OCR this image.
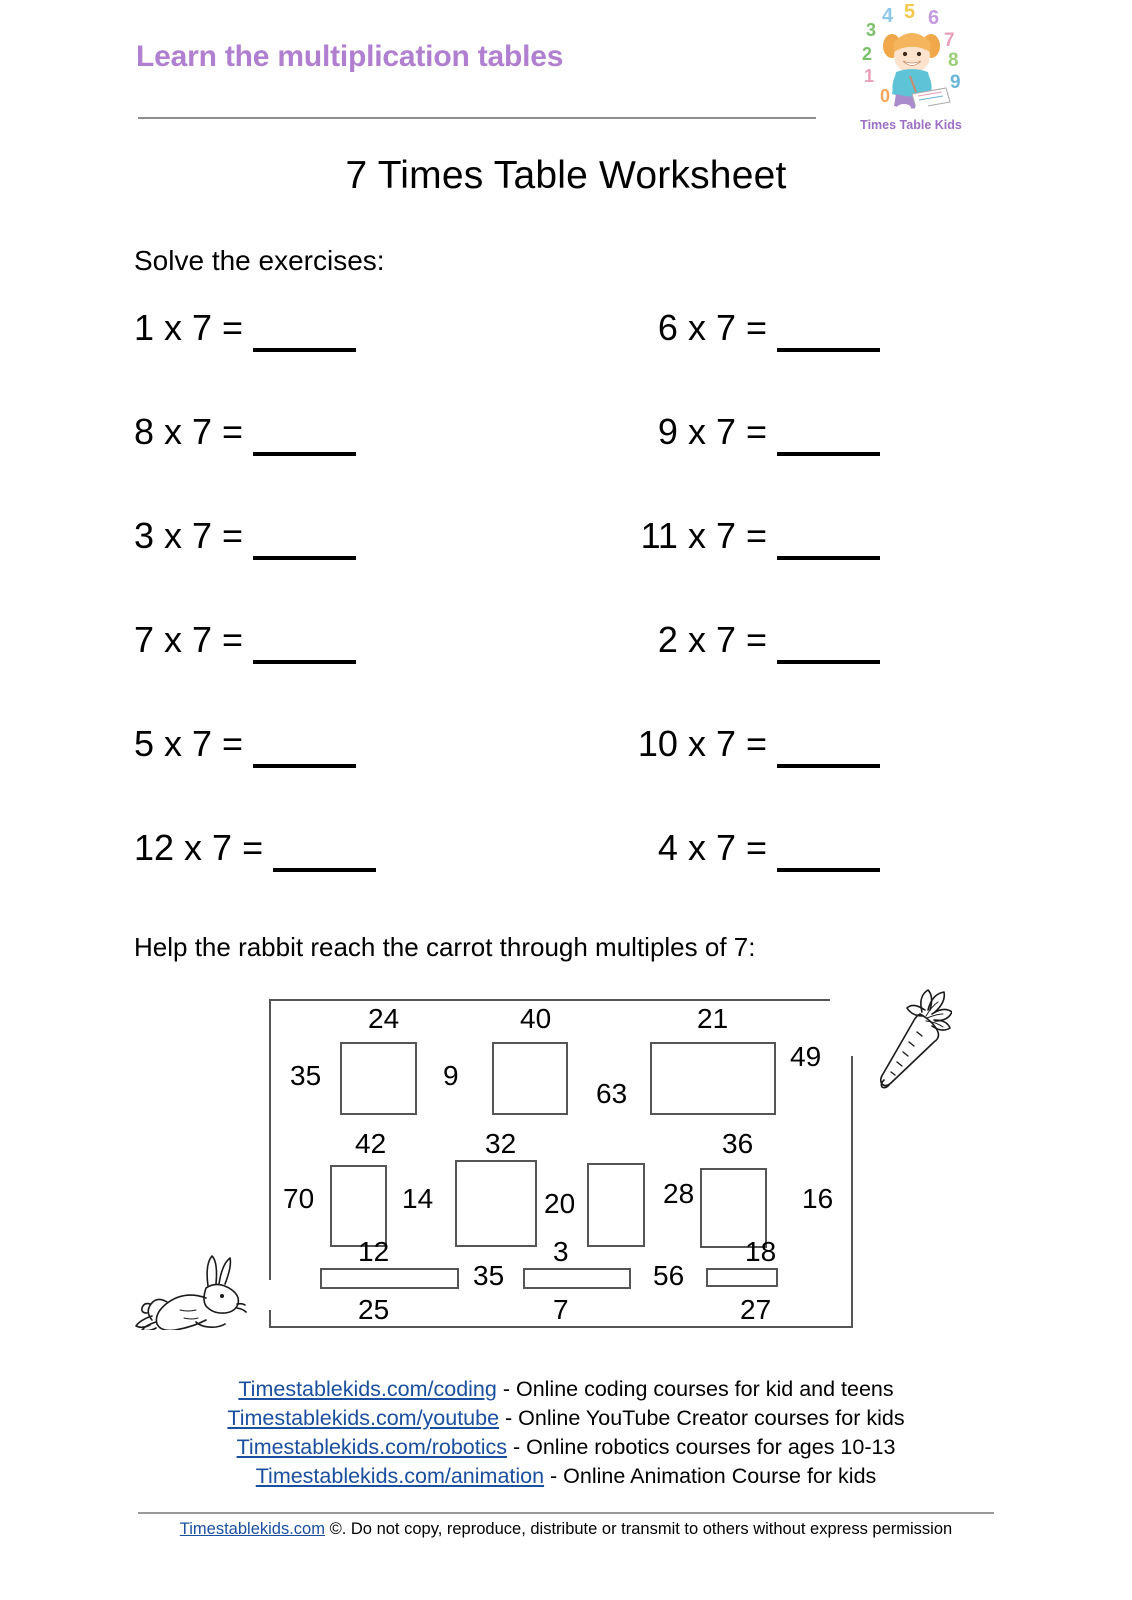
Learn the multiplication tables
3
4 5 6
7
8
9
2
1
0
Times Table Kids
7 Times Table Worksheet
Solve the exercises:
1 x 7 =	6 x 7 =
8 x 7 =	9 x 7 =
3 x 7 =	11 x 7 =
7 x 7 =	2 x 7 =
5 x 7 =	10 x 7 =
12 x 7 =	4 x 7 =
Help the rabbit reach the carrot through multiples of 7:
24	40	21
35	9
63
49
42	32	36
70	14	20	28	16
12	3	18
35	56
25	7	27
Timestablekids.com/coding - Online coding courses for kid and teens
Timestablekids.com/youtube - Online YouTube Creator courses for kids
Timestablekids.com/robotics - Online robotics courses for ages 10-13
Timestablekids.com/animation - Online Animation Course for kids
Timestablekids.com ©. Do not copy, reproduce, distribute or transmit to others without express permission
